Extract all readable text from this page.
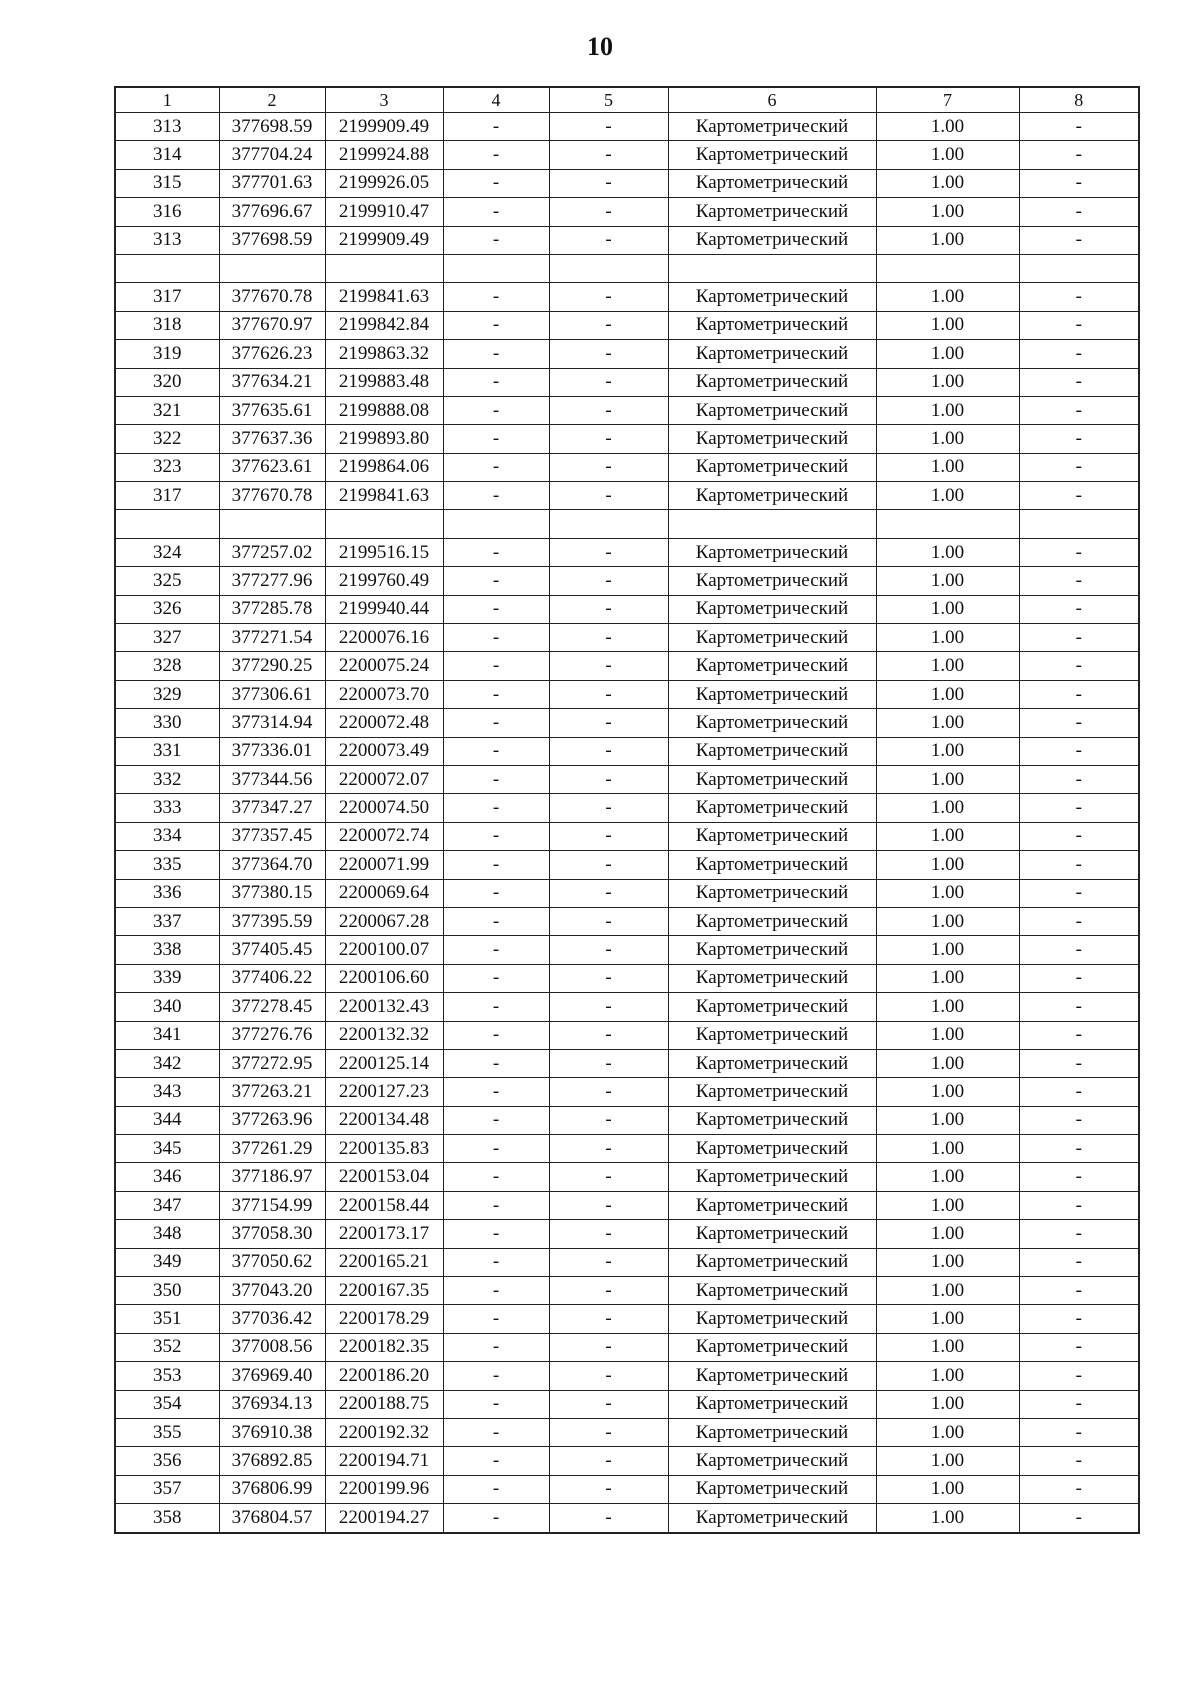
10
1	2	3	4	5	6	7	8
313	377698.59	2199909.49	-	-	Картометрический	1.00	-
314	377704.24	2199924.88	-	-	Картометрический	1.00	-
315	377701.63	2199926.05	-	-	Картометрический	1.00	-
316	377696.67	2199910.47	-	-	Картометрический	1.00	-
313	377698.59	2199909.49	-	-	Картометрический	1.00	-

317	377670.78	2199841.63	-	-	Картометрический	1.00	-
318	377670.97	2199842.84	-	-	Картометрический	1.00	-
319	377626.23	2199863.32	-	-	Картометрический	1.00	-
320	377634.21	2199883.48	-	-	Картометрический	1.00	-
321	377635.61	2199888.08	-	-	Картометрический	1.00	-
322	377637.36	2199893.80	-	-	Картометрический	1.00	-
323	377623.61	2199864.06	-	-	Картометрический	1.00	-
317	377670.78	2199841.63	-	-	Картометрический	1.00	-

324	377257.02	2199516.15	-	-	Картометрический	1.00	-
325	377277.96	2199760.49	-	-	Картометрический	1.00	-
326	377285.78	2199940.44	-	-	Картометрический	1.00	-
327	377271.54	2200076.16	-	-	Картометрический	1.00	-
328	377290.25	2200075.24	-	-	Картометрический	1.00	-
329	377306.61	2200073.70	-	-	Картометрический	1.00	-
330	377314.94	2200072.48	-	-	Картометрический	1.00	-
331	377336.01	2200073.49	-	-	Картометрический	1.00	-
332	377344.56	2200072.07	-	-	Картометрический	1.00	-
333	377347.27	2200074.50	-	-	Картометрический	1.00	-
334	377357.45	2200072.74	-	-	Картометрический	1.00	-
335	377364.70	2200071.99	-	-	Картометрический	1.00	-
336	377380.15	2200069.64	-	-	Картометрический	1.00	-
337	377395.59	2200067.28	-	-	Картометрический	1.00	-
338	377405.45	2200100.07	-	-	Картометрический	1.00	-
339	377406.22	2200106.60	-	-	Картометрический	1.00	-
340	377278.45	2200132.43	-	-	Картометрический	1.00	-
341	377276.76	2200132.32	-	-	Картометрический	1.00	-
342	377272.95	2200125.14	-	-	Картометрический	1.00	-
343	377263.21	2200127.23	-	-	Картометрический	1.00	-
344	377263.96	2200134.48	-	-	Картометрический	1.00	-
345	377261.29	2200135.83	-	-	Картометрический	1.00	-
346	377186.97	2200153.04	-	-	Картометрический	1.00	-
347	377154.99	2200158.44	-	-	Картометрический	1.00	-
348	377058.30	2200173.17	-	-	Картометрический	1.00	-
349	377050.62	2200165.21	-	-	Картометрический	1.00	-
350	377043.20	2200167.35	-	-	Картометрический	1.00	-
351	377036.42	2200178.29	-	-	Картометрический	1.00	-
352	377008.56	2200182.35	-	-	Картометрический	1.00	-
353	376969.40	2200186.20	-	-	Картометрический	1.00	-
354	376934.13	2200188.75	-	-	Картометрический	1.00	-
355	376910.38	2200192.32	-	-	Картометрический	1.00	-
356	376892.85	2200194.71	-	-	Картометрический	1.00	-
357	376806.99	2200199.96	-	-	Картометрический	1.00	-
358	376804.57	2200194.27	-	-	Картометрический	1.00	-
